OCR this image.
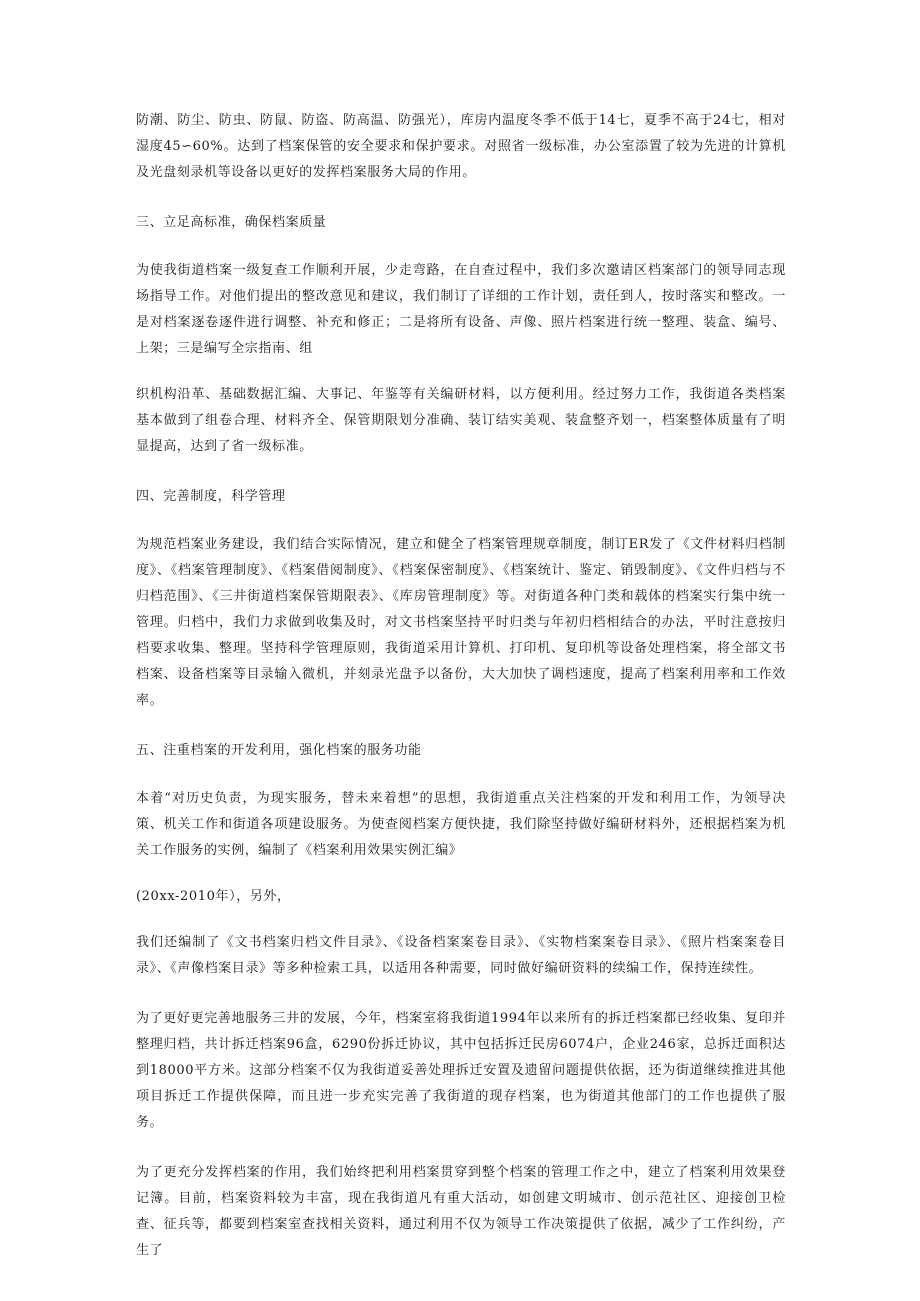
防潮、防尘、防虫、防鼠、防盗、防高温、防强光），库房内温度冬季不低于14七，夏季不高于24七，相对湿度45∽60%。达到了档案保管的安全要求和保护要求。对照省一级标准，办公室添置了较为先进的计算机及光盘刻录机等设备以更好的发挥档案服务大局的作用。

三、立足高标准，确保档案质量

为使我街道档案一级复查工作顺利开展，少走弯路，在自查过程中，我们多次邀请区档案部门的领导同志现场指导工作。对他们提出的整改意见和建议，我们制订了详细的工作计划，责任到人，按时落实和整改。一是对档案逐卷逐件进行调整、补充和修正；二是将所有设备、声像、照片档案进行统一整理、装盒、编号、上架；三是编写全宗指南、组

织机构沿革、基础数据汇编、大事记、年鉴等有关编研材料，以方便利用。经过努力工作，我街道各类档案基本做到了组卷合理、材料齐全、保管期限划分准确、装订结实美观、装盒整齐划一，档案整体质量有了明显提高，达到了省一级标准。

四、完善制度，科学管理

为规范档案业务建设，我们结合实际情况，建立和健全了档案管理规章制度，制订ER发了《文件材料归档制度》、《档案管理制度》、《档案借阅制度》、《档案保密制度》、《档案统计、鉴定、销毁制度》、《文件归档与不归档范围》、《三井街道档案保管期限表》、《库房管理制度》等。对街道各种门类和载体的档案实行集中统一管理。归档中，我们力求做到收集及时，对文书档案坚持平时归类与年初归档相结合的办法，平时注意按归档要求收集、整理。坚持科学管理原则，我街道采用计算机、打印机、复印机等设备处理档案，将全部文书档案、设备档案等目录输入微机，并刻录光盘予以备份，大大加快了调档速度，提高了档案利用率和工作效率。

五、注重档案的开发利用，强化档案的服务功能

本着“对历史负责，为现实服务，替未来着想”的思想，我街道重点关注档案的开发和利用工作，为领导决策、机关工作和街道各项建设服务。为使查阅档案方便快捷，我们除坚持做好编研材料外，还根据档案为机关工作服务的实例，编制了《档案利用效果实例汇编》

(20xx-2010年），另外，

我们还编制了《文书档案归档文件目录》、《设备档案案卷目录》、《实物档案案卷目录》、《照片档案案卷目录》、《声像档案目录》等多种检索工具，以适用各种需要，同时做好编研资料的续编工作，保持连续性。

为了更好更完善地服务三井的发展，今年，档案室将我街道1994年以来所有的拆迁档案都已经收集、复印并整理归档，共计拆迁档案96盒，6290份拆迁协议，其中包括拆迁民房6074户，企业246家，总拆迁面积达到18000平方米。这部分档案不仅为我街道妥善处理拆迁安置及遗留问题提供依据，还为街道继续推进其他项目拆迁工作提供保障，而且进一步充实完善了我街道的现存档案，也为街道其他部门的工作也提供了服务。

为了更充分发挥档案的作用，我们始终把利用档案贯穿到整个档案的管理工作之中，建立了档案利用效果登记簿。目前，档案资料较为丰富，现在我街道凡有重大活动，如创建文明城市、创示范社区、迎接创卫检查、征兵等，都要到档案室查找相关资料，通过利用不仅为领导工作决策提供了依据，减少了工作纠纷，产生了
